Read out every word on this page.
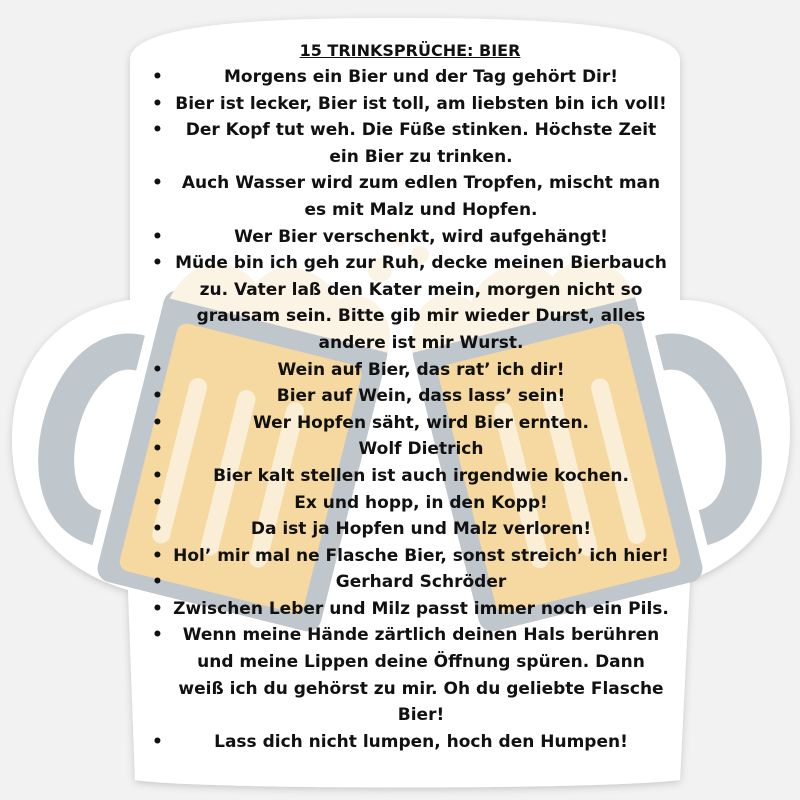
15 TRINKSPRÜCHE: BIER
•	Morgens ein Bier und der Tag gehört Dir!
• Bier ist lecker, Bier ist toll, am liebsten bin ich voll!
• Der Kopf tut weh. Die Füße stinken. Höchste Zeit ein Bier zu trinken.
• Auch Wasser wird zum edlen Tropfen, mischt man es mit Malz und Hopfen.
•	Wer Bier verschenkt, wird aufgehängt!
• Müde bin ich geh zur Ruh, decke meinen Bierbauch zu. Vater laß den Kater mein, morgen nicht so grausam sein. Bitte gib mir wieder Durst, alles andere ist mir Wurst.
•	Wein auf Bier, das rat’ ich dir!
•	Bier auf Wein, dass lass’ sein!
•	Wer Hopfen säht, wird Bier ernten.
•	Wolf Dietrich
•	Bier kalt stellen ist auch irgendwie kochen.
•	Ex und hopp, in den Kopp!
•	Da ist ja Hopfen und Malz verloren!
• Hol’ mir mal ne Flasche Bier, sonst streich’ ich hier!
•	Gerhard Schröder
• Zwischen Leber und Milz passt immer noch ein Pils.
• Wenn meine Hände zärtlich deinen Hals berühren und meine Lippen deine Öffnung spüren. Dann weiß ich du gehörst zu mir. Oh du geliebte Flasche Bier!
•	Lass dich nicht lumpen, hoch den Humpen!
